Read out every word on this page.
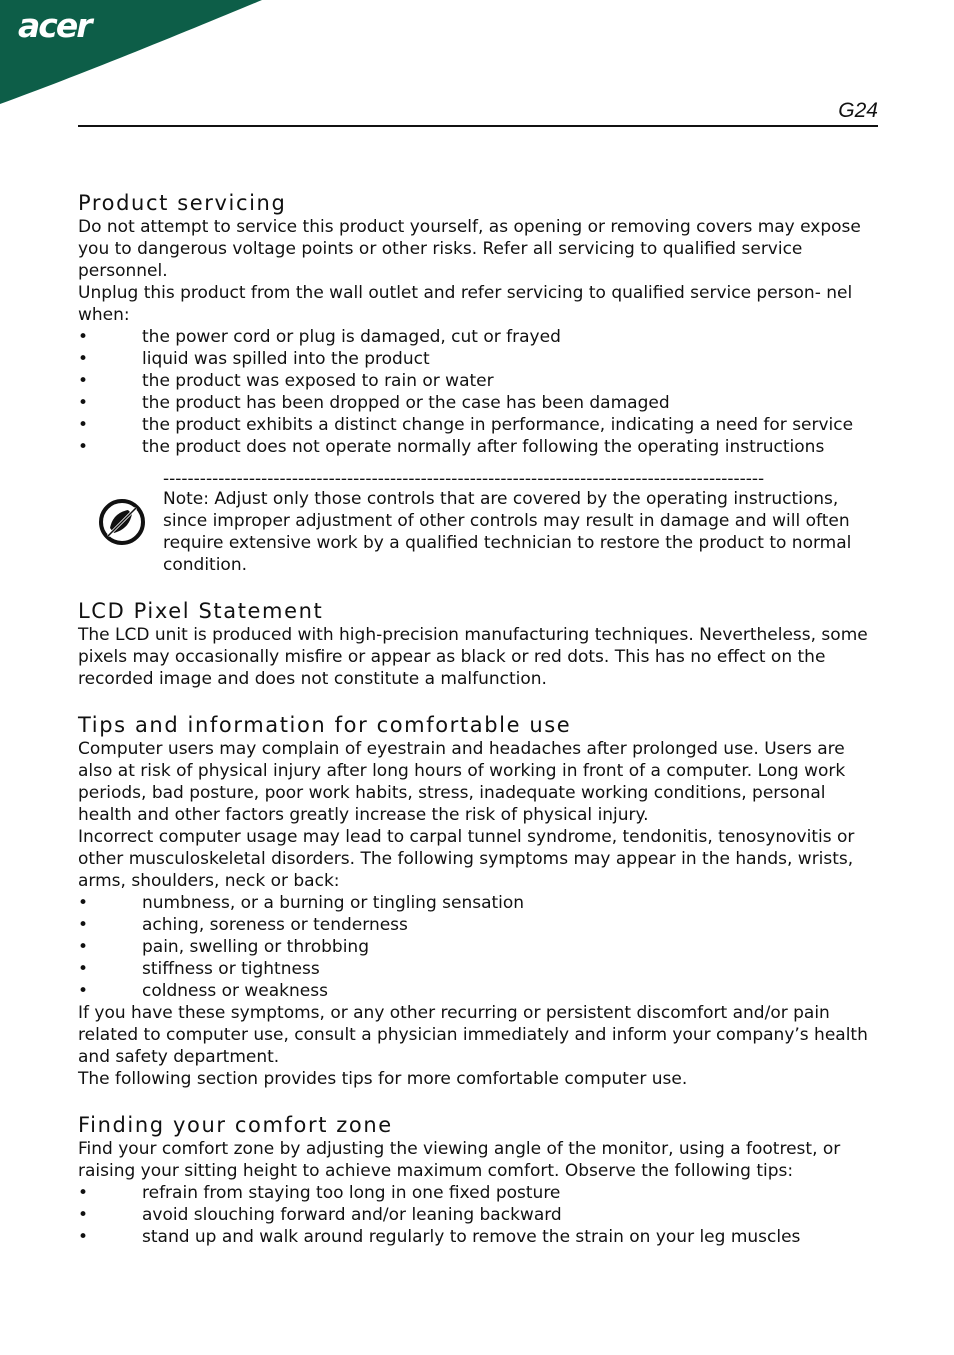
acer
G24
Product servicing

Do not attempt to service this product yourself, as opening or removing covers may expose you to dangerous voltage points or other risks. Refer all servicing to qualified service personnel.

Unplug this product from the wall outlet and refer servicing to qualified service person- nel when:

•	the power cord or plug is damaged, cut or frayed
•	liquid was spilled into the product
•	the product was exposed to rain or water
•	the product has been dropped or the case has been damaged
•	the product exhibits a distinct change in performance, indicating a need for service
•	the product does not operate normally after following the operating instructions
--------------------------------------------------------------------------------------------------
Note: Adjust only those controls that are covered by the operating instructions, since improper adjustment of other controls may result in damage and will often require extensive work by a qualified technician to restore the product to normal condition.
LCD Pixel Statement

The LCD unit is produced with high-precision manufacturing techniques. Nevertheless, some pixels may occasionally misfire or appear as black or red dots. This has no effect on the recorded image and does not constitute a malfunction.

Tips and information for comfortable use

Computer users may complain of eyestrain and headaches after prolonged use. Users are also at risk of physical injury after long hours of working in front of a computer. Long work periods, bad posture, poor work habits, stress, inadequate working conditions, personal health and other factors greatly increase the risk of physical injury.

Incorrect computer usage may lead to carpal tunnel syndrome, tendonitis, tenosynovitis or other musculoskeletal disorders. The following symptoms may appear in the hands, wrists, arms, shoulders, neck or back:

•	numbness, or a burning or tingling sensation
•	aching, soreness or tenderness
•	pain, swelling or throbbing
•	stiffness or tightness
•	coldness or weakness

If you have these symptoms, or any other recurring or persistent discomfort and/or pain related to computer use, consult a physician immediately and inform your company’s health and safety department.

The following section provides tips for more comfortable computer use.

Finding your comfort zone

Find your comfort zone by adjusting the viewing angle of the monitor, using a footrest, or raising your sitting height to achieve maximum comfort. Observe the following tips:

•	refrain from staying too long in one fixed posture
•	avoid slouching forward and/or leaning backward
•	stand up and walk around regularly to remove the strain on your leg muscles
